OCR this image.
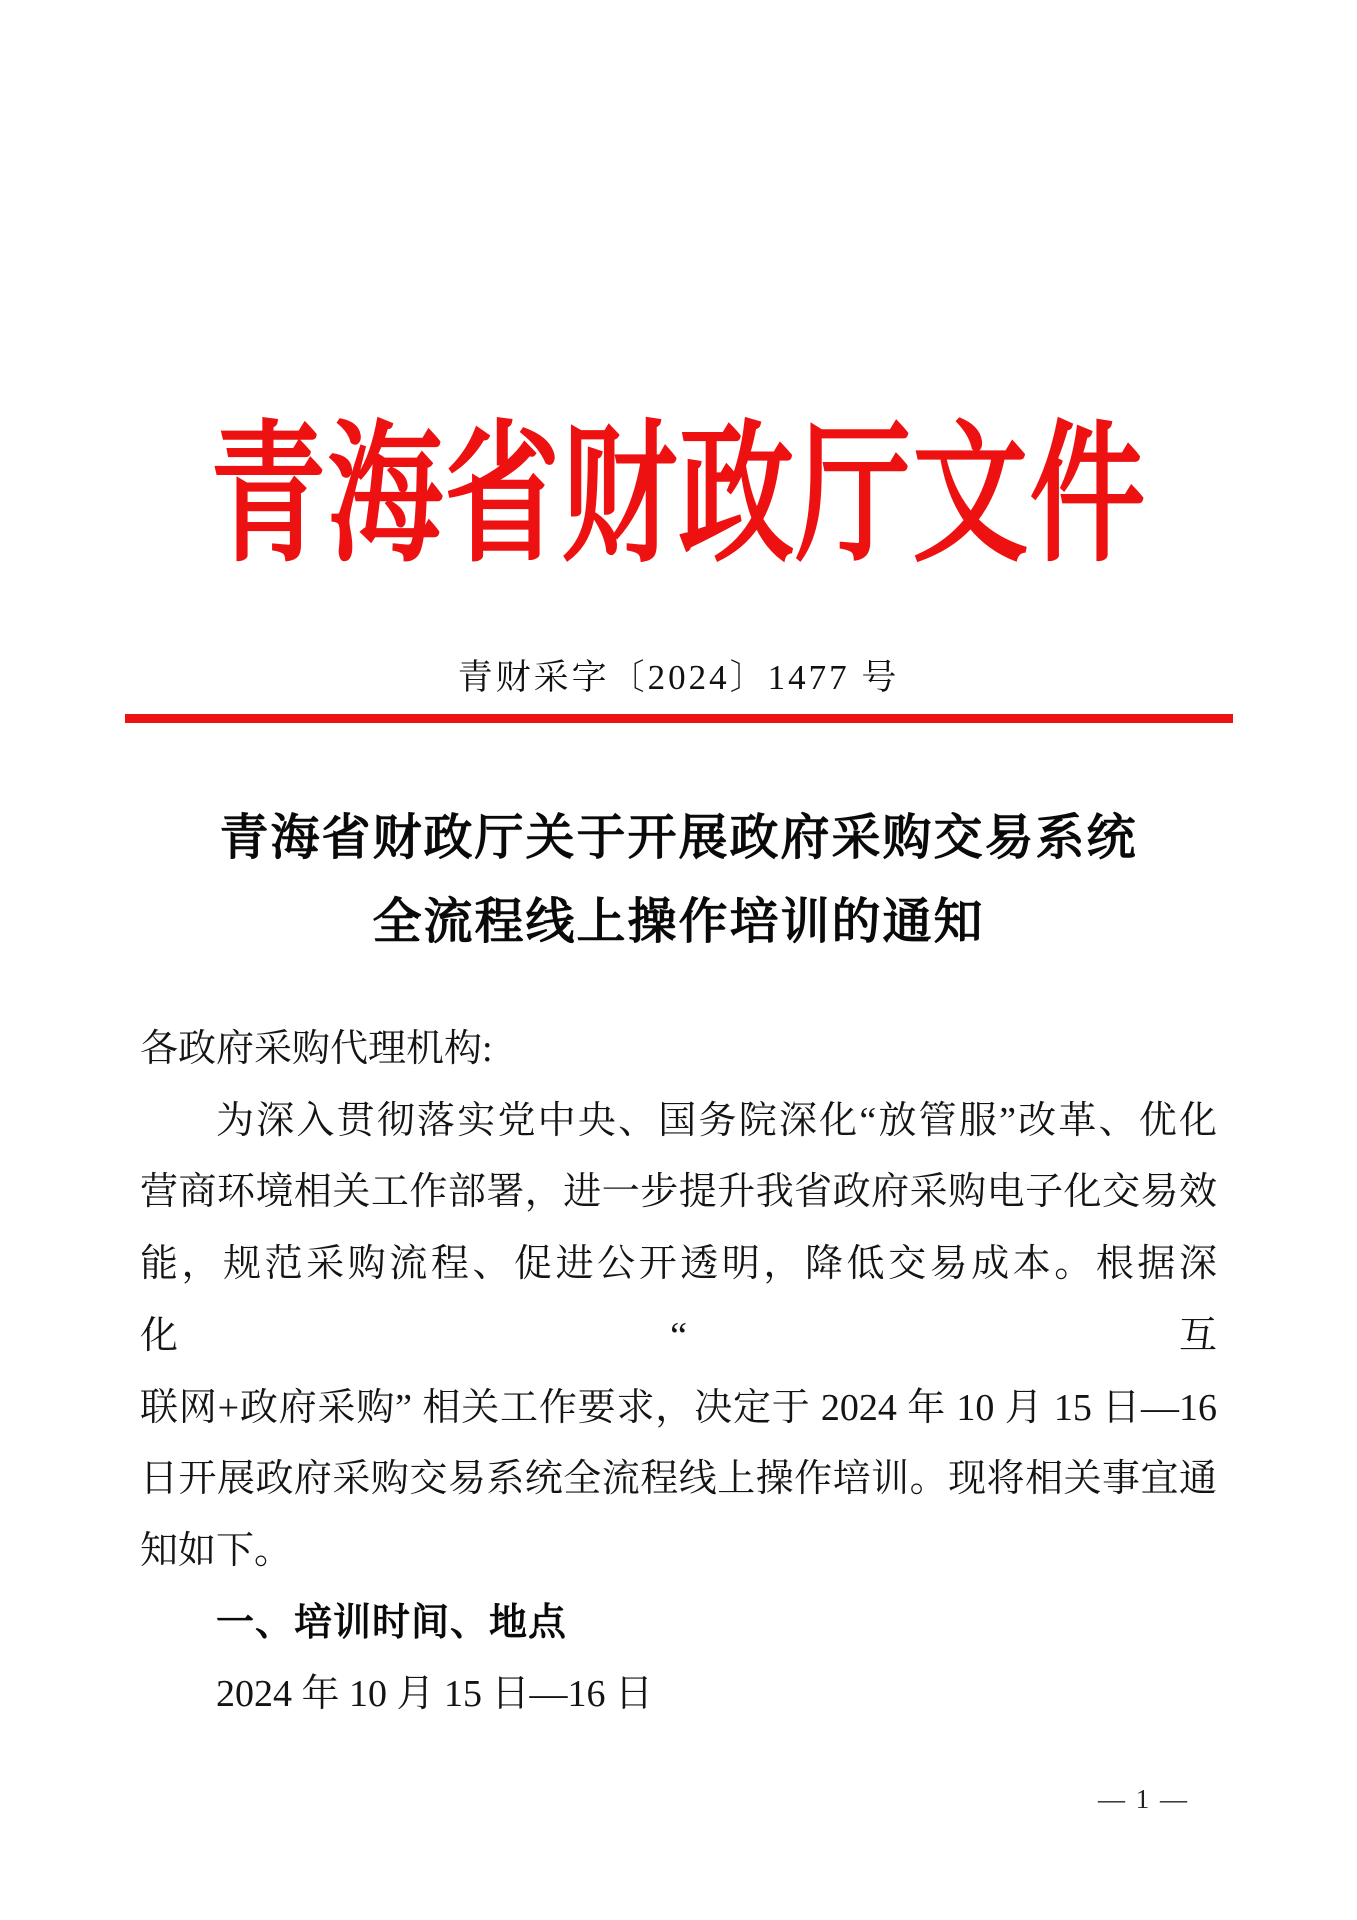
青海省财政厅文件
青财采字〔2024〕1477 号
青海省财政厅关于开展政府采购交易系统
全流程线上操作培训的通知
各政府采购代理机构:
为深入贯彻落实党中央、国务院深化“放管服”改革、优化
营商环境相关工作部署，进一步提升我省政府采购电子化交易效
能，规范采购流程、促进公开透明，降低交易成本。根据深化“互
联网+政府采购” 相关工作要求，决定于 2024 年 10 月 15 日—16
日开展政府采购交易系统全流程线上操作培训。现将相关事宜通
知如下。
一、培训时间、地点
2024 年 10 月 15 日—16 日
— 1 —
